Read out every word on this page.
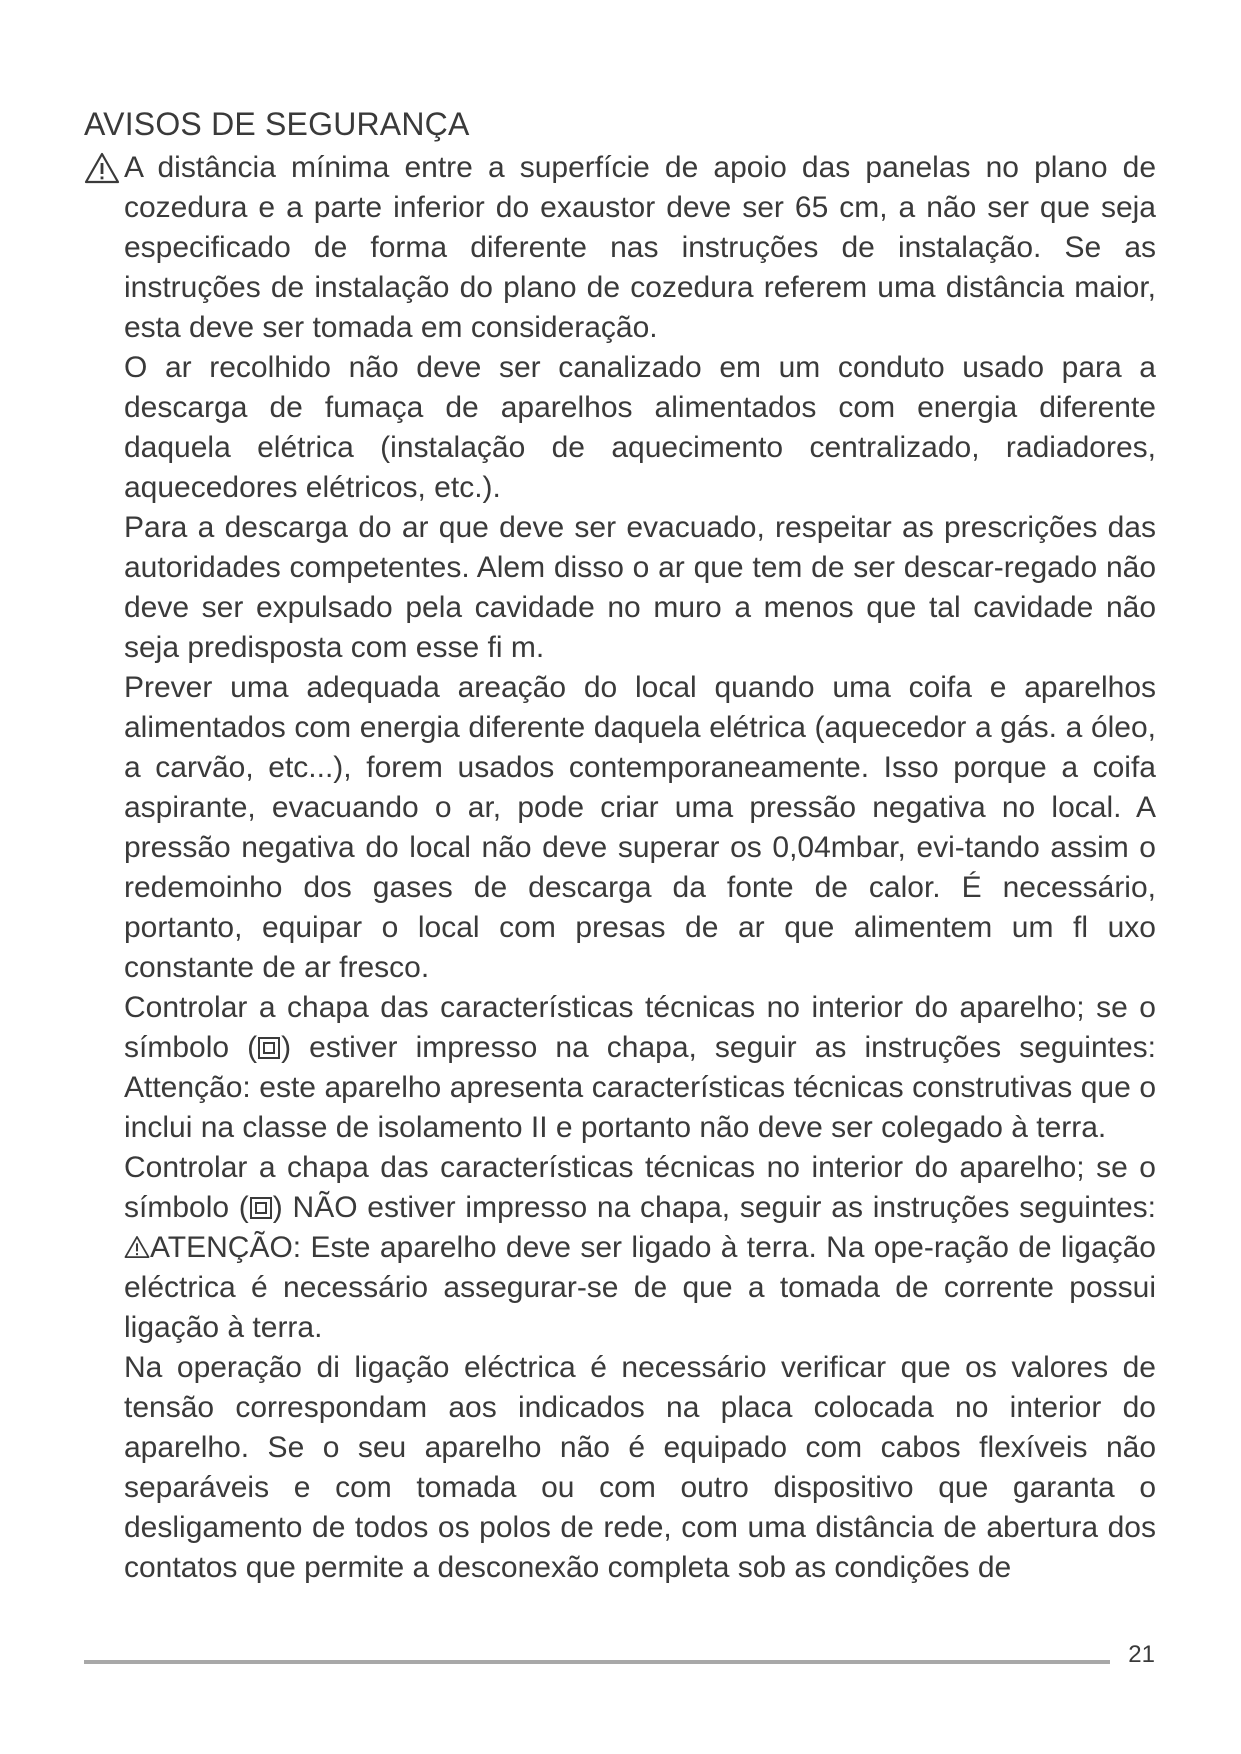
AVISOS DE SEGURANÇA

A distância mínima entre a superfície de apoio das panelas no plano de cozedura e a parte inferior do exaustor deve ser 65 cm, a não ser que seja especificado de forma diferente nas instruções de instalação. Se as instruções de instalação do plano de cozedura referem uma distância maior, esta deve ser tomada em consideração.

O ar recolhido não deve ser canalizado em um conduto usado para a descarga de fumaça de aparelhos alimentados com energia diferente daquela elétrica (instalação de aquecimento centralizado, radiadores, aquecedores elétricos, etc.).

Para a descarga do ar que deve ser evacuado, respeitar as prescrições das autoridades competentes. Alem disso o ar que tem de ser descar-regado não deve ser expulsado pela cavidade no muro a menos que tal cavidade não seja predisposta com esse fi m.

Prever uma adequada areação do local quando uma coifa e aparelhos alimentados com energia diferente daquela elétrica (aquecedor a gás. a óleo, a carvão, etc...), forem usados contemporaneamente. Isso porque a coifa aspirante, evacuando o ar, pode criar uma pressão negativa no local. A pressão negativa do local não deve superar os 0,04mbar, evi-tando assim o redemoinho dos gases de descarga da fonte de calor. É necessário, portanto, equipar o local com presas de ar que alimentem um fl uxo constante de ar fresco.

Controlar a chapa das características técnicas no interior do aparelho; se o símbolo ( ) estiver impresso na chapa, seguir as instruções seguintes: Attenção: este aparelho apresenta características técnicas construtivas que o inclui na classe de isolamento II e portanto não deve ser colegado à terra.

Controlar a chapa das características técnicas no interior do aparelho; se o símbolo ( ) NÃO estiver impresso na chapa, seguir as instruções seguintes: ATENÇÃO: Este aparelho deve ser ligado à terra. Na ope-ração de ligação eléctrica é necessário assegurar-se de que a tomada de corrente possui ligação à terra.

Na operação di ligação eléctrica é necessário verificar que os valores de tensão correspondam aos indicados na placa colocada no interior do aparelho. Se o seu aparelho não é equipado com cabos flexíveis não separáveis e com tomada ou com outro dispositivo que garanta o desligamento de todos os polos de rede, com uma distância de abertura dos contatos que permite a desconexão completa sob as condições de

21
